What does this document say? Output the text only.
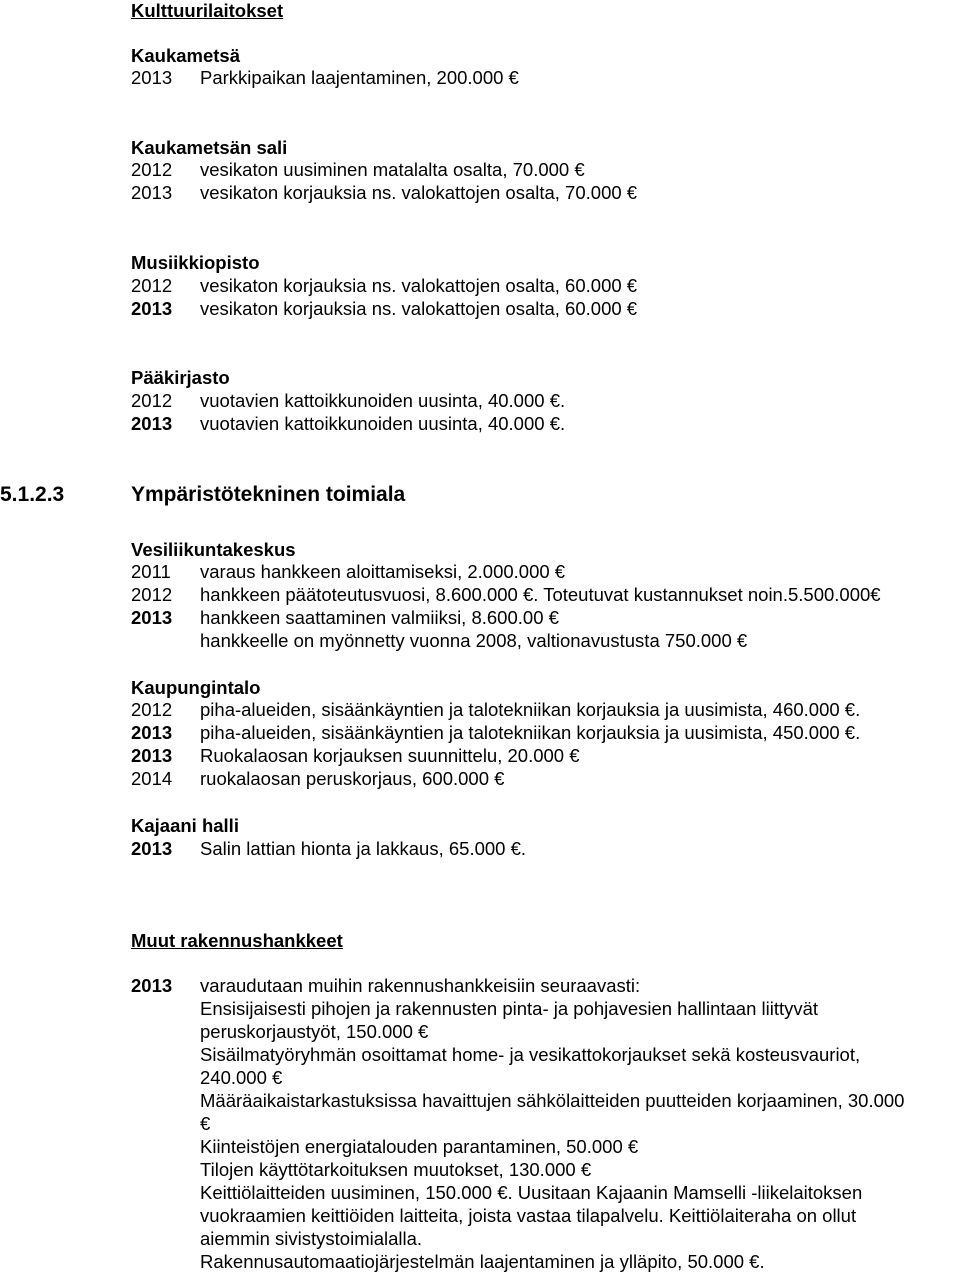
Kulttuurilaitokset
Kaukametsä
2013 Parkkipaikan laajentaminen, 200.000 €
Kaukametsän sali
2012 vesikaton uusiminen matalalta osalta, 70.000 €
2013 vesikaton korjauksia ns. valokattojen osalta, 70.000 €
Musiikkiopisto
2012 vesikaton korjauksia ns. valokattojen osalta, 60.000 €
2013 vesikaton korjauksia ns. valokattojen osalta, 60.000 €
Pääkirjasto
2012 vuotavien kattoikkunoiden uusinta, 40.000 €.
2013 vuotavien kattoikkunoiden uusinta, 40.000 €.
5.1.2.3	Ympäristötekninen toimiala
Vesiliikuntakeskus
2011 varaus hankkeen aloittamiseksi, 2.000.000 €
2012 hankkeen päätoteutusvuosi, 8.600.000 €. Toteutuvat kustannukset noin.5.500.000€
2013 hankkeen saattaminen valmiiksi, 8.600.00 €
hankkeelle on myönnetty vuonna 2008, valtionavustusta 750.000 €
Kaupungintalo
2012 piha-alueiden, sisäänkäyntien ja talotekniikan korjauksia ja uusimista, 460.000 €.
2013 piha-alueiden, sisäänkäyntien ja talotekniikan korjauksia ja uusimista, 450.000 €.
2013 Ruokalaosan korjauksen suunnittelu, 20.000 €
2014 ruokalaosan peruskorjaus, 600.000 €
Kajaani halli
2013 Salin lattian hionta ja lakkaus, 65.000 €.
Muut rakennushankkeet
2013 varaudutaan muihin rakennushankkeisiin seuraavasti:
Ensisijaisesti pihojen ja rakennusten pinta- ja pohjavesien hallintaan liittyvät
peruskorjaustyöt, 150.000 €
Sisäilmatyöryhmän osoittamat home- ja vesikattokorjaukset sekä kosteusvauriot,
240.000 €
Määräaikaistarkastuksissa havaittujen sähkölaitteiden puutteiden korjaaminen, 30.000
€
Kiinteistöjen energiatalouden parantaminen, 50.000 €
Tilojen käyttötarkoituksen muutokset, 130.000 €
Keittiölaitteiden uusiminen, 150.000 €. Uusitaan Kajaanin Mamselli -liikelaitoksen
vuokraamien keittiöiden laitteita, joista vastaa tilapalvelu. Keittiölaiteraha on ollut
aiemmin sivistystoimialalla.
Rakennusautomaatiojärjestelmän laajentaminen ja ylläpito, 50.000 €.
